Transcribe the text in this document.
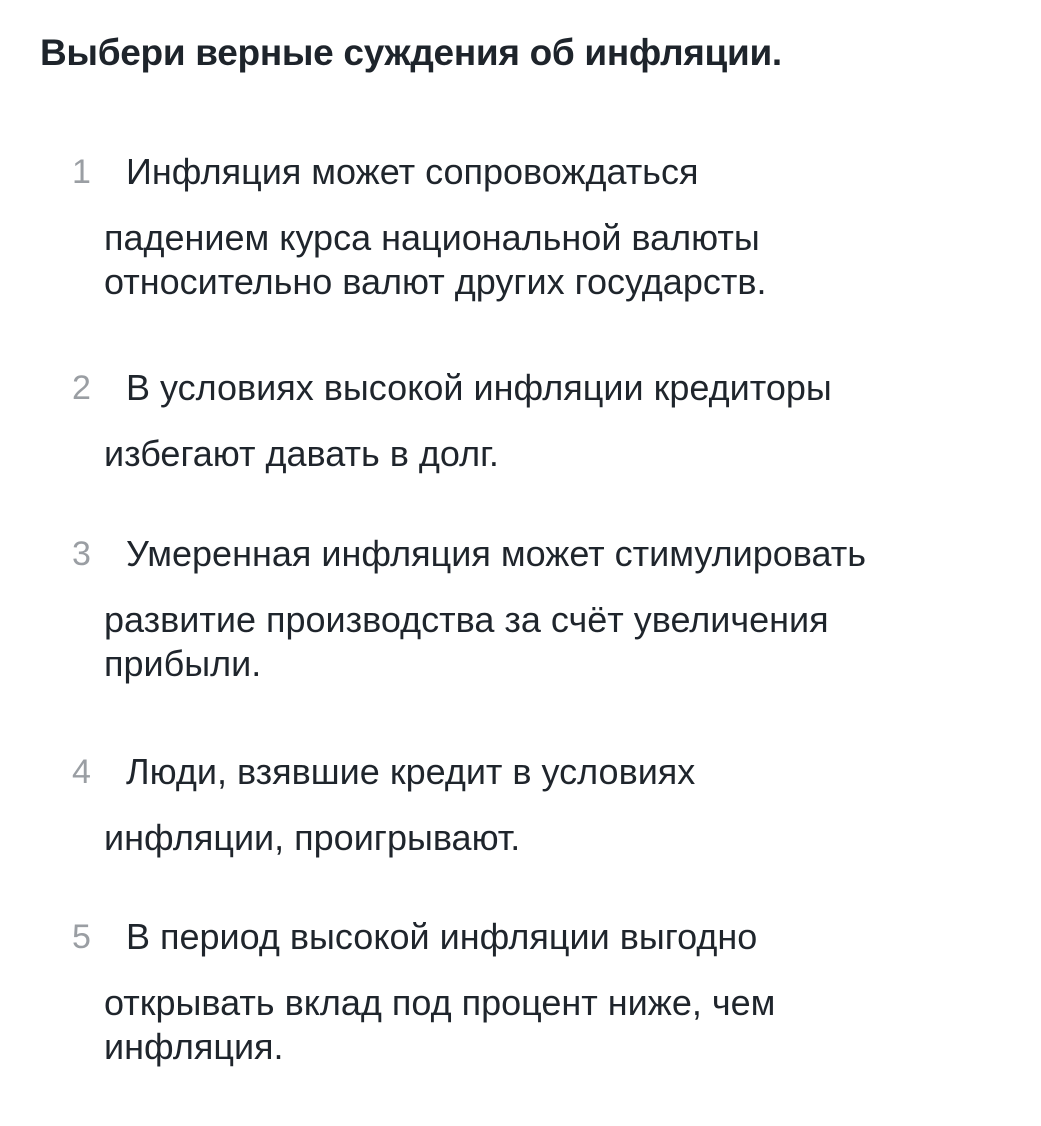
Выбери верные суждения об инфляции.
1 Инфляция может сопровождаться
падением курса национальной валюты
относительно валют других государств.

2 В условиях высокой инфляции кредиторы
избегают давать в долг.

3 Умеренная инфляция может стимулировать
развитие производства за счёт увеличения
прибыли.

4 Люди, взявшие кредит в условиях
инфляции, проигрывают.

5 В период высокой инфляции выгодно
открывать вклад под процент ниже, чем
инфляция.
